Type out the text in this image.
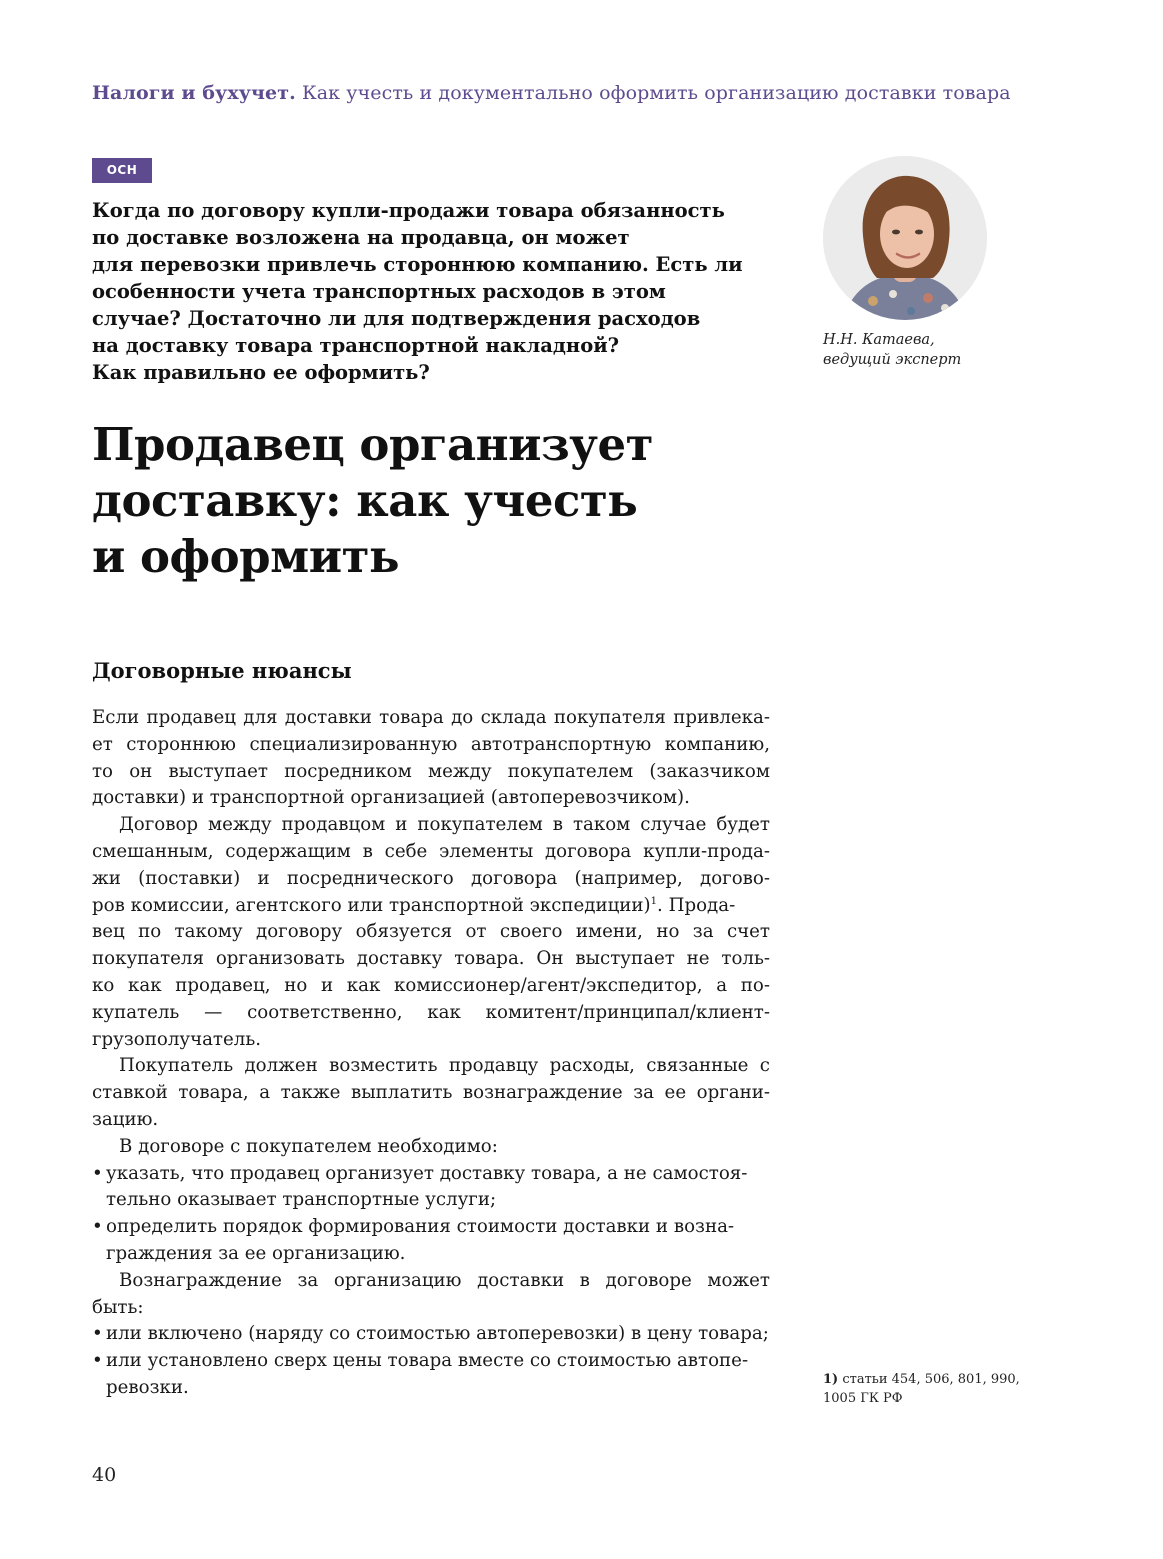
Налоги и бухучет. Как учесть и документально оформить организацию доставки товара
ОСН
Когда по договору купли-продажи товара обязанность
по доставке возложена на продавца, он может
для перевозки привлечь стороннюю компанию. Есть ли
особенности учета транспортных расходов в этом
случае? Достаточно ли для подтверждения расходов
на доставку товара транспортной накладной?
Как правильно ее оформить?
Н.Н. Катаева,
ведущий эксперт
Продавец организует
доставку: как учесть
и оформить
Договорные нюансы
Если продавец для доставки товара до склада покупателя привлека-
ет стороннюю специализированную автотранспортную компанию,
то он выступает посредником между покупателем (заказчиком
доставки) и транспортной организацией (автоперевозчиком).
Договор между продавцом и покупателем в таком случае будет
смешанным, содержащим в себе элементы договора купли-прода-
жи (поставки) и посреднического договора (например, догово-
ров комиссии, агентского или транспортной экспедиции)$^1$. Прода-
вец по такому договору обязуется от своего имени, но за счет
покупателя организовать доставку товара. Он выступает не толь-
ко как продавец, но и как комиссионер/агент/экспедитор, а по-
купатель — соответственно, как комитент/принципал/клиент-
грузополучатель.
Покупатель должен возместить продавцу расходы, связанные с
ставкой товара, а также выплатить вознаграждение за ее органи-
зацию.
В договоре с покупателем необходимо:
• указать, что продавец организует доставку товара, а не самостоя-
тельно оказывает транспортные услуги;
• определить порядок формирования стоимости доставки и возна-
граждения за ее организацию.
Вознаграждение за организацию доставки в договоре может
быть:
• или включено (наряду со стоимостью автоперевозки) в цену товара;
• или установлено сверх цены товара вместе со стоимостью автопе-
ревозки.	1) статьи 454, 506, 801, 990,
1005 ГК РФ
40
